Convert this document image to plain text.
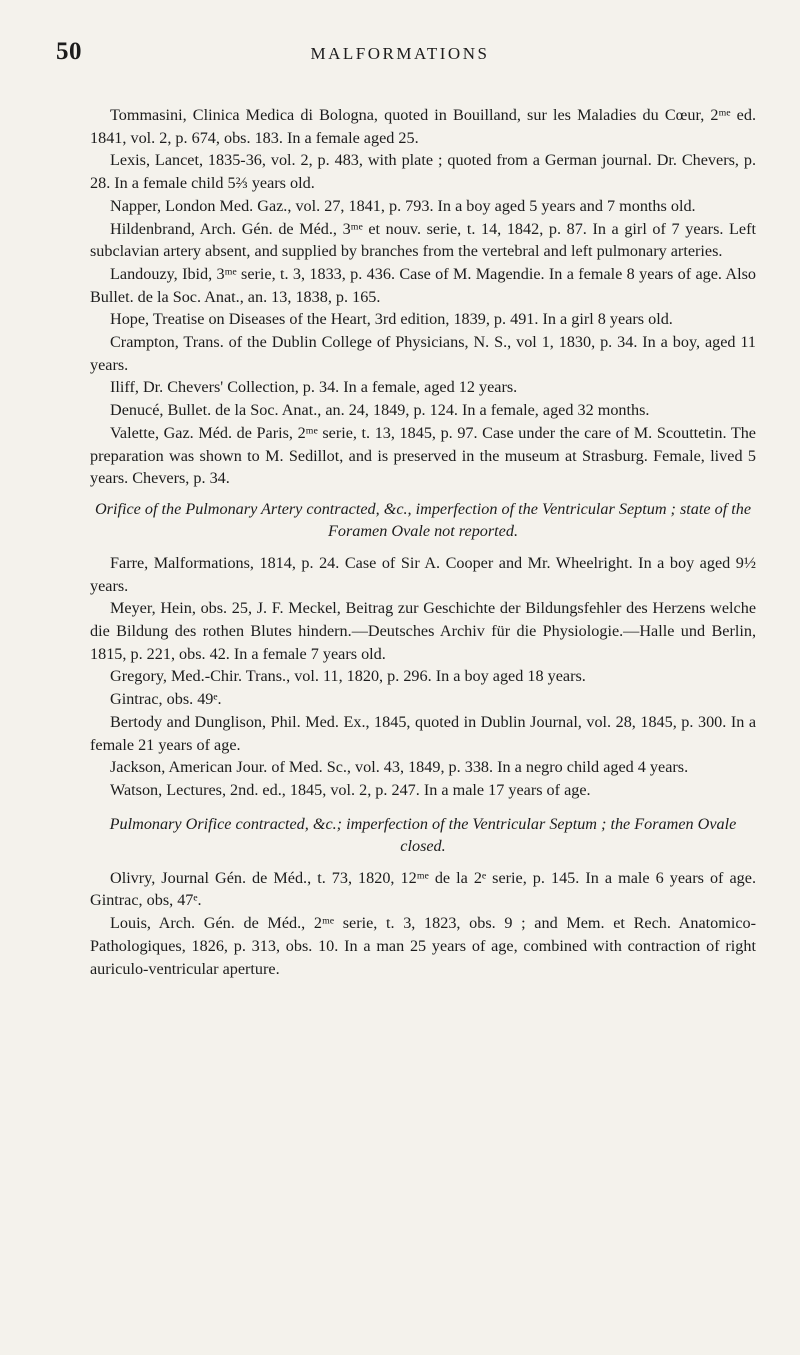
50	MALFORMATIONS

Tommasini, Clinica Medica di Bologna, quoted in Bouilland, sur les Maladies du Cœur, 2ᵐᵉ ed. 1841, vol. 2, p. 674, obs. 183. In a female aged 25.

Lexis, Lancet, 1835-36, vol. 2, p. 483, with plate ; quoted from a German journal. Dr. Chevers, p. 28. In a female child 5⅔ years old.

Napper, London Med. Gaz., vol. 27, 1841, p. 793. In a boy aged 5 years and 7 months old.

Hildenbrand, Arch. Gén. de Méd., 3ᵐᵉ et nouv. serie, t. 14, 1842, p. 87. In a girl of 7 years. Left subclavian artery absent, and supplied by branches from the vertebral and left pulmonary arteries.

Landouzy, Ibid, 3ᵐᵉ serie, t. 3, 1833, p. 436. Case of M. Magendie. In a female 8 years of age. Also Bullet. de la Soc. Anat., an. 13, 1838, p. 165.

Hope, Treatise on Diseases of the Heart, 3rd edition, 1839, p. 491. In a girl 8 years old.

Crampton, Trans. of the Dublin College of Physicians, N. S., vol 1, 1830, p. 34. In a boy, aged 11 years.

Iliff, Dr. Chevers' Collection, p. 34. In a female, aged 12 years.

Denucé, Bullet. de la Soc. Anat., an. 24, 1849, p. 124. In a female, aged 32 months.

Valette, Gaz. Méd. de Paris, 2ᵐᵉ serie, t. 13, 1845, p. 97. Case under the care of M. Scouttetin. The preparation was shown to M. Sedillot, and is preserved in the museum at Strasburg. Female, lived 5 years. Chevers, p. 34.

Orifice of the Pulmonary Artery contracted, &c., imperfection of the Ventricular Septum ; state of the Foramen Ovale not reported.

Farre, Malformations, 1814, p. 24. Case of Sir A. Cooper and Mr. Wheelright. In a boy aged 9½ years.

Meyer, Hein, obs. 25, J. F. Meckel, Beitrag zur Geschichte der Bildungsfehler des Herzens welche die Bildung des rothen Blutes hindern.—Deutsches Archiv für die Physiologie.—Halle und Berlin, 1815, p. 221, obs. 42. In a female 7 years old.

Gregory, Med.-Chir. Trans., vol. 11, 1820, p. 296. In a boy aged 18 years.

Gintrac, obs. 49ᵉ.

Bertody and Dunglison, Phil. Med. Ex., 1845, quoted in Dublin Journal, vol. 28, 1845, p. 300. In a female 21 years of age.

Jackson, American Jour. of Med. Sc., vol. 43, 1849, p. 338. In a negro child aged 4 years.

Watson, Lectures, 2nd. ed., 1845, vol. 2, p. 247. In a male 17 years of age.

Pulmonary Orifice contracted, &c.; imperfection of the Ventricular Septum ; the Foramen Ovale closed.

Olivry, Journal Gén. de Méd., t. 73, 1820, 12ᵐᵉ de la 2ᵉ serie, p. 145. In a male 6 years of age. Gintrac, obs, 47ᵉ.

Louis, Arch. Gén. de Méd., 2ᵐᵉ serie, t. 3, 1823, obs. 9 ; and Mem. et Rech. Anatomico-Pathologiques, 1826, p. 313, obs. 10. In a man 25 years of age, combined with contraction of right auriculo-ventricular aperture.
